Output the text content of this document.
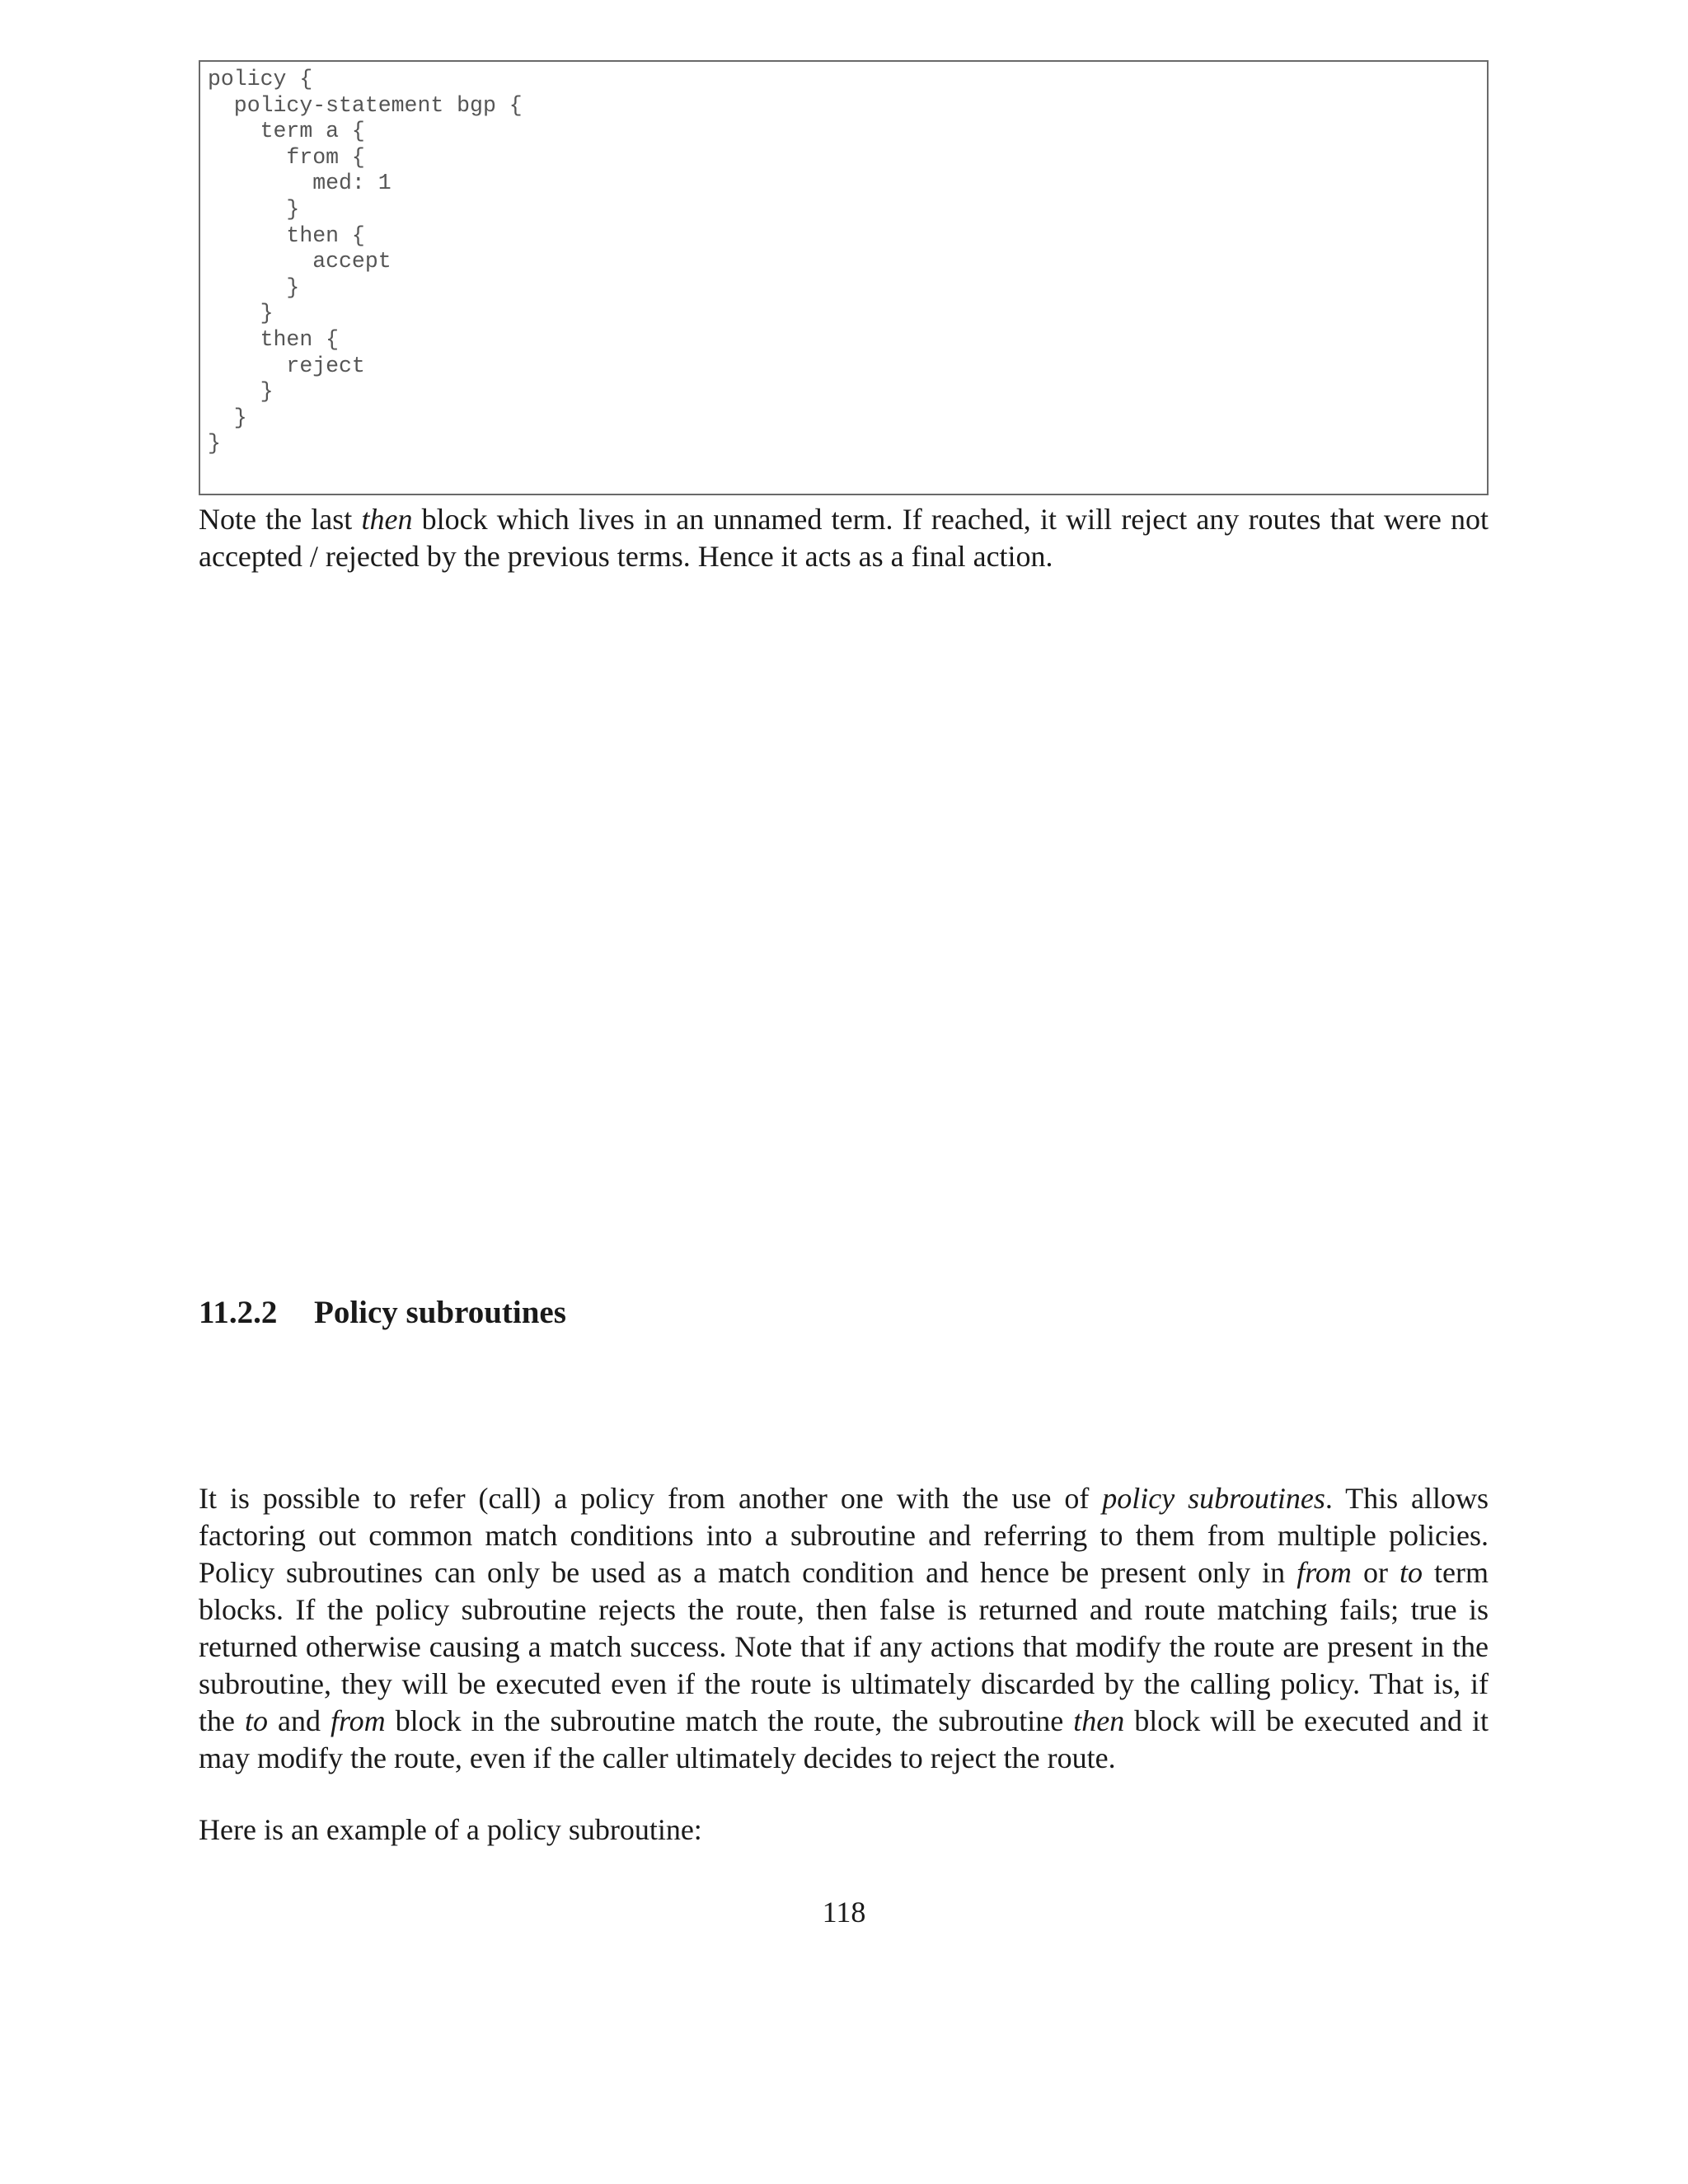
policy {
policy-statement bgp {
term a {
from {
med: 1
}
then {
accept
}
}
then {
reject
}
}
}

Note the last then block which lives in an unnamed term. If reached, it will reject any routes that were not accepted / rejected by the previous terms. Hence it acts as a final action.

11.2.2 Policy subroutines

It is possible to refer (call) a policy from another one with the use of policy subroutines. This allows factoring out common match conditions into a subroutine and referring to them from multiple policies. Policy subroutines can only be used as a match condition and hence be present only in from or to term blocks. If the policy subroutine rejects the route, then false is returned and route matching fails; true is returned otherwise causing a match success. Note that if any actions that modify the route are present in the subroutine, they will be executed even if the route is ultimately discarded by the calling policy. That is, if the to and from block in the subroutine match the route, the subroutine then block will be executed and it may modify the route, even if the caller ultimately decides to reject the route.

Here is an example of a policy subroutine:

118
